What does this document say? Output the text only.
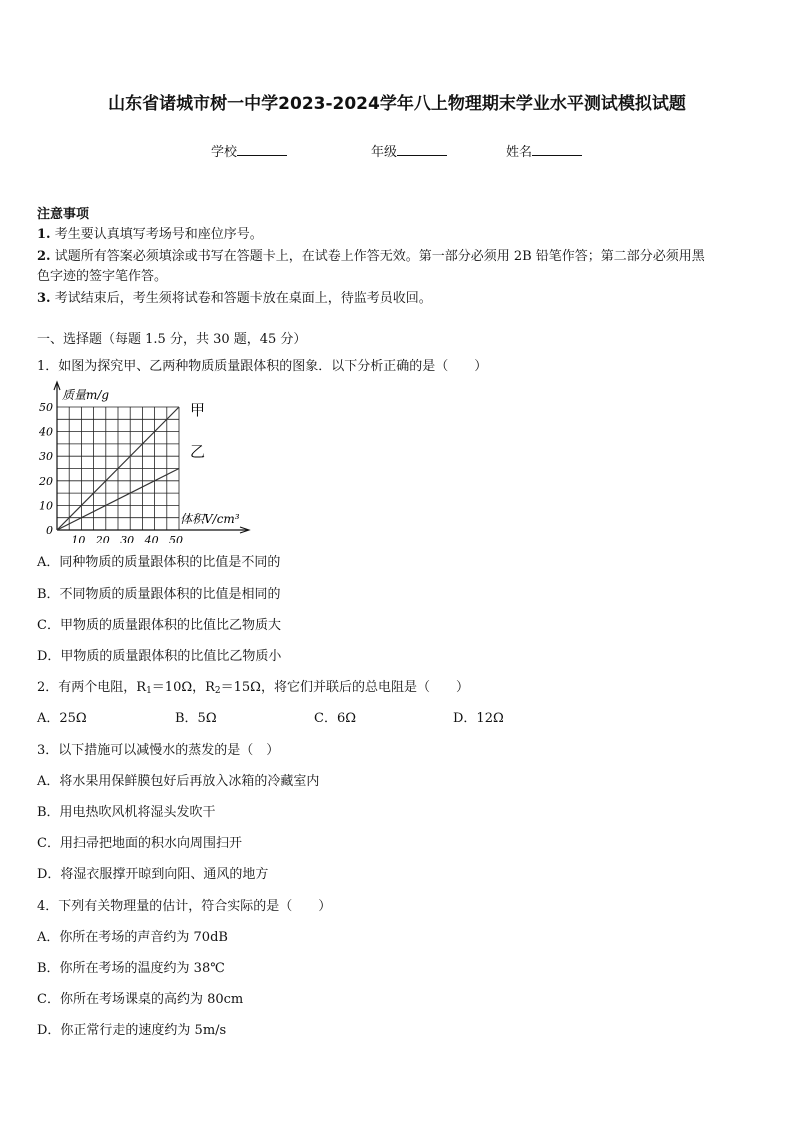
山东省诸城市树一中学2023-2024学年八上物理期末学业水平测试模拟试题
学校	年级	姓名
注意事项
1. 考生要认真填写考场号和座位序号。
2. 试题所有答案必须填涂或书写在答题卡上，在试卷上作答无效。第一部分必须用 2B 铅笔作答；第二部分必须用黑
色字迹的签字笔作答。
3. 考试结束后，考生须将试卷和答题卡放在桌面上，待监考员收回。
一、选择题（每题 1.5 分，共 30 题，45 分）
1．如图为探究甲、乙两种物质质量跟体积的图象．以下分析正确的是（　　）
0
10
20
30
40
50
10 20 30 40 50
甲
乙
质量m/g
体积V/cm³
A．同种物质的质量跟体积的比值是不同的
B．不同物质的质量跟体积的比值是相同的
C．甲物质的质量跟体积的比值比乙物质大
D．甲物质的质量跟体积的比值比乙物质小
2．有两个电阻，$R_1=10\Omega$，$R_2=15\Omega$，将它们并联后的总电阻是（　　）
A．25Ω	B．5Ω	C．6Ω	D．12Ω
3．以下措施可以减慢水的蒸发的是（　）
A．将水果用保鲜膜包好后再放入冰箱的冷藏室内
B．用电热吹风机将湿头发吹干
C．用扫帚把地面的积水向周围扫开
D．将湿衣服撑开晾到向阳、通风的地方
4．下列有关物理量的估计，符合实际的是（　　）
A．你所在考场的声音约为 70dB
B．你所在考场的温度约为 38℃
C．你所在考场课桌的高约为 80cm
D．你正常行走的速度约为 5m/s
